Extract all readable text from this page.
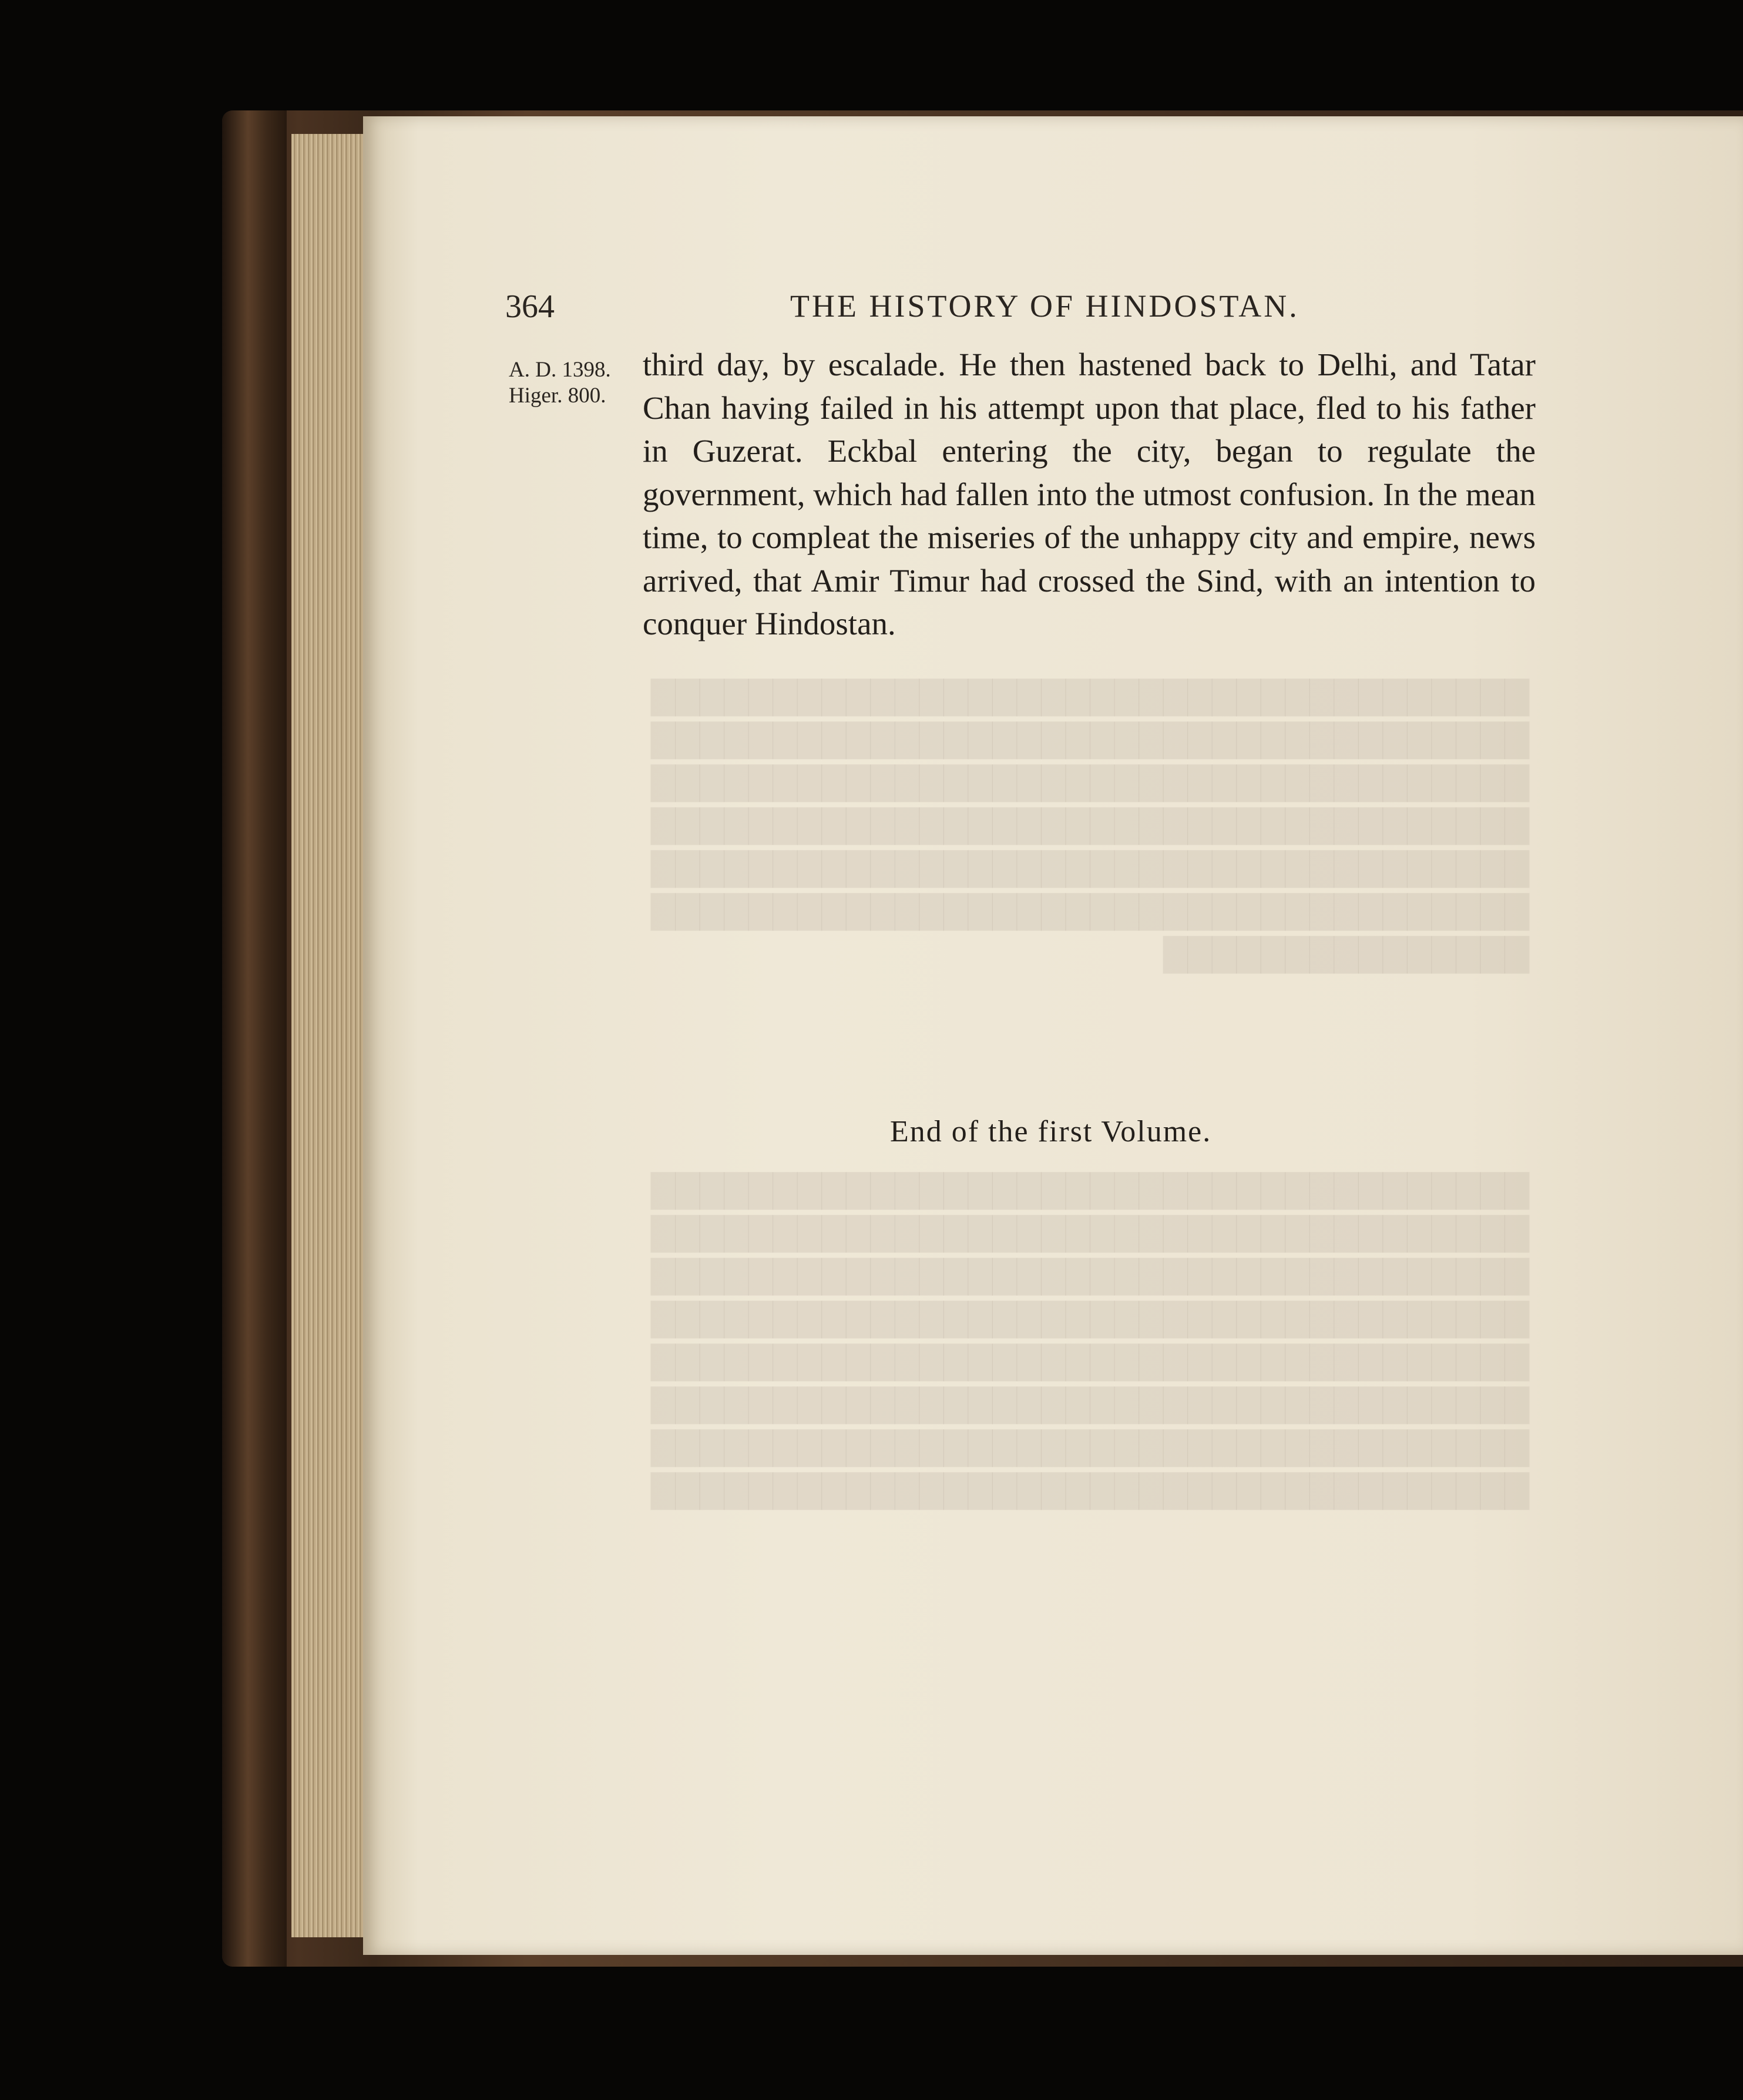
████████████████████████████████████
████████████████████████████████████
████████████████████████████████████
████████████████████████████████████
████████████████████████████████████
████████████████████████████████████
███████████████

████████████████████████████████████
████████████████████████████████████
████████████████████████████████████
████████████████████████████████████
████████████████████████████████████
████████████████████████████████████
████████████████████████████████████
████████████████████████████████████

364	THE HISTORY OF HINDOSTAN.
A. D. 1398.
Higer. 800.
third day, by escalade. He then hastened back to Delhi, and Tatar Chan having failed in his attempt upon that place, fled to his father in Guzerat. Eckbal entering the city, began to regulate the government, which had fallen into the utmost confusion. In the mean time, to compleat the miseries of the unhappy city and empire, news arrived, that Amir Timur had crossed the Sind, with an intention to conquer Hindostan.
End of the first Volume.
